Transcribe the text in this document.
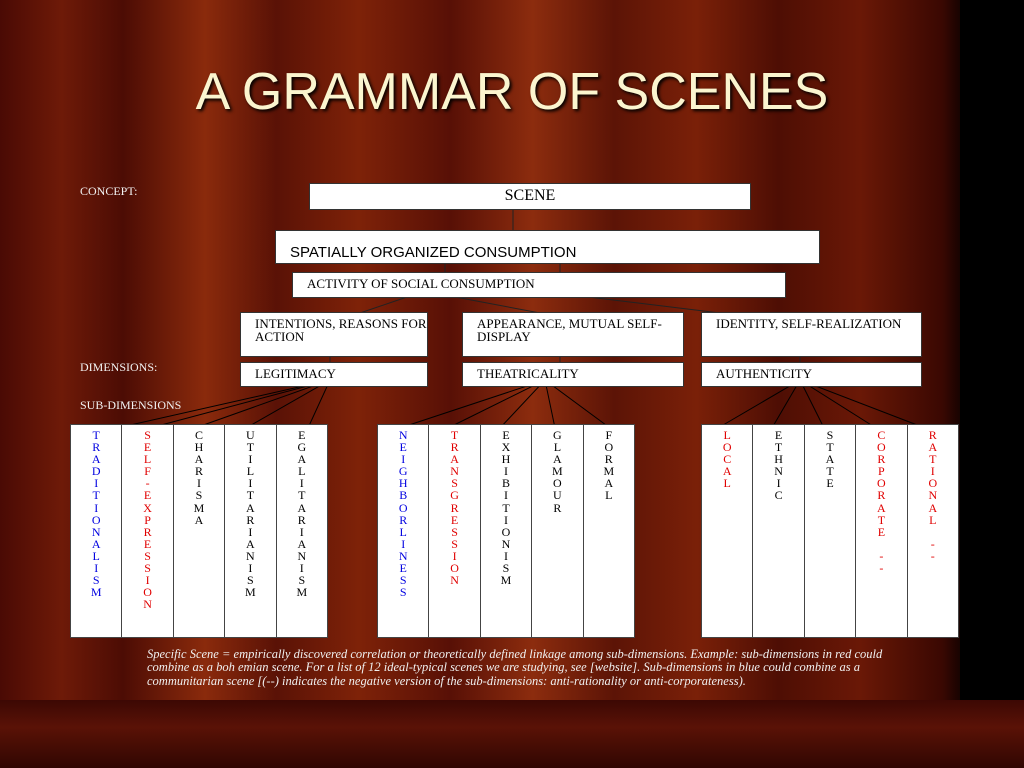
A GRAMMAR OF SCENES
CONCEPT:
DIMENSIONS:
SUB-DIMENSIONS
SCENE
SPATIALLY ORGANIZED CONSUMPTION
ACTIVITY OF SOCIAL CONSUMPTION
INTENTIONS, REASONS FOR ACTION
APPEARANCE, MUTUAL SELF-DISPLAY
IDENTITY, SELF-REALIZATION
LEGITIMACY	THEATRICALITY	AUTHENTICITY
T
R
A
D
I
T
I
O
N
A
L
I
S
M
S
E
L
F
-
E
X
P
R
E
S
S
I
O
N
C
H
A
R
I
S
M
A
U
T
I
L
I
T
A
R
I
A
N
I
S
M
E
G
A
L
I
T
A
R
I
A
N
I
S
M
N
E
I
G
H
B
O
R
L
I
N
E
S
S
T
R
A
N
S
G
R
E
S
S
I
O
N
E
X
H
I
B
I
T
I
O
N
I
S
M
G
L
A
M
O
U
R
F
O
R
M
A
L
L
O
C
A
L
E
T
H
N
I
C
S
T
A
T
E
C
O
R
P
O
R
A
T
E
-
-
R
A
T
I
O
N
A
L
-
-
Specific Scene = empirically discovered correlation or theoretically defined linkage among sub-dimensions. Example: sub-dimensions in red could combine as a boh emian scene. For a list of 12 ideal-typical scenes we are studying, see [website]. Sub-dimensions in blue could combine as a communitarian scene [(--) indicates the negative version of the sub-dimensions: anti-rationality or anti-corporateness).
